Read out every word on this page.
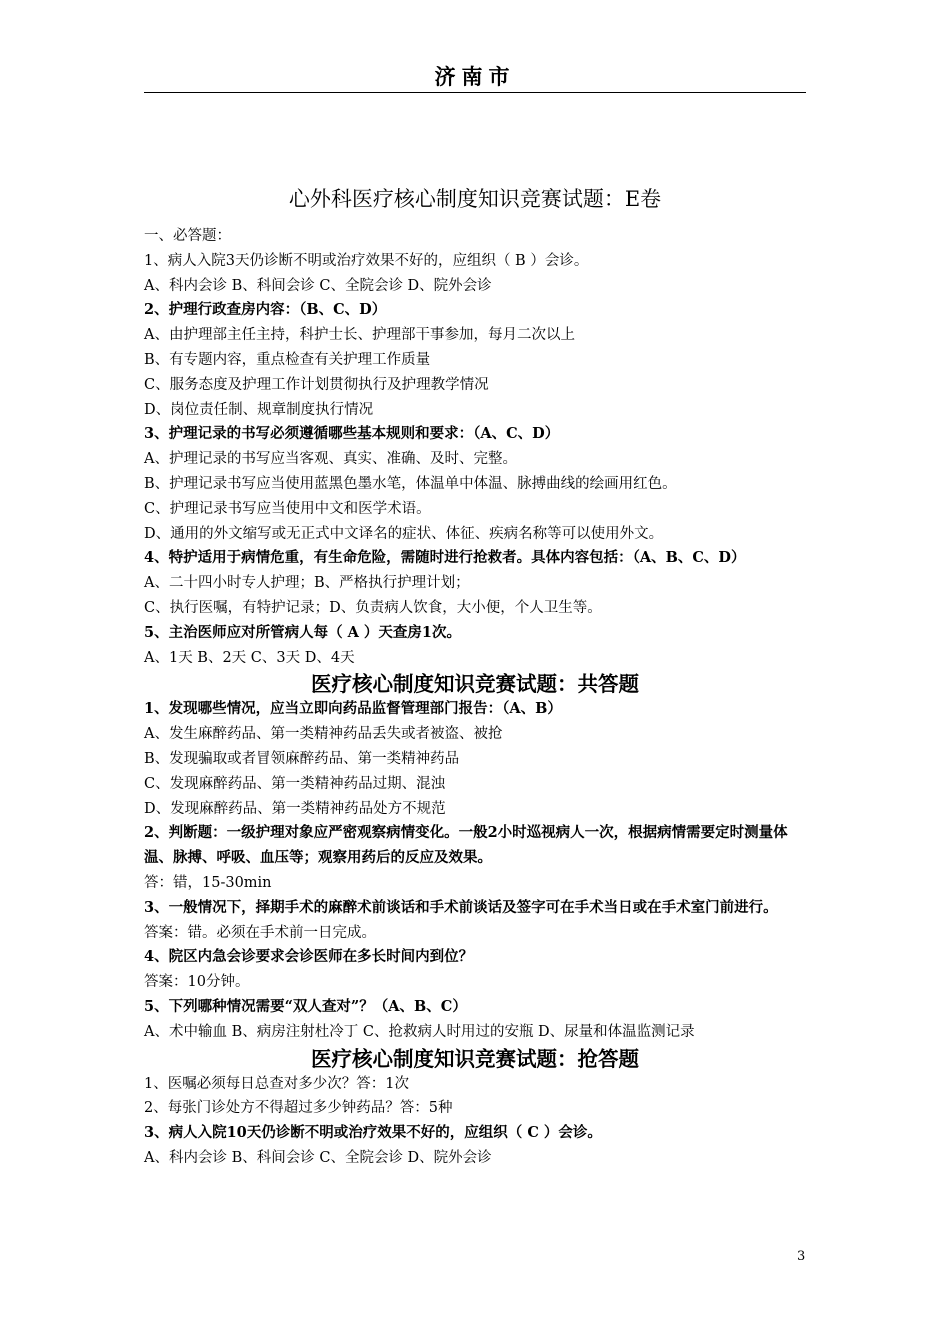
济南市
心外科医疗核心制度知识竞赛试题：E卷
一、必答题：
1、病人入院3天仍诊断不明或治疗效果不好的，应组织（ B ）会诊。
A、科内会诊 B、科间会诊 C、全院会诊 D、院外会诊
2、护理行政查房内容：（B、C、D）
A、由护理部主任主持，科护士长、护理部干事参加，每月二次以上
B、有专题内容，重点检查有关护理工作质量
C、服务态度及护理工作计划贯彻执行及护理教学情况
D、岗位责任制、规章制度执行情况
3、护理记录的书写必须遵循哪些基本规则和要求：（A、C、D）
A、护理记录的书写应当客观、真实、准确、及时、完整。
B、护理记录书写应当使用蓝黑色墨水笔，体温单中体温、脉搏曲线的绘画用红色。
C、护理记录书写应当使用中文和医学术语。
D、通用的外文缩写或无正式中文译名的症状、体征、疾病名称等可以使用外文。
4、特护适用于病情危重，有生命危险，需随时进行抢救者。具体内容包括：（A、B、C、D）
A、二十四小时专人护理；B、严格执行护理计划；
C、执行医嘱，有特护记录；D、负责病人饮食，大小便，个人卫生等。
5、主治医师应对所管病人每（ A ）天查房1次。
A、1天 B、2天 C、3天 D、4天
医疗核心制度知识竞赛试题：共答题
1、发现哪些情况，应当立即向药品监督管理部门报告：（A、B）
A、发生麻醉药品、第一类精神药品丢失或者被盗、被抢
B、发现骗取或者冒领麻醉药品、第一类精神药品
C、发现麻醉药品、第一类精神药品过期、混浊
D、发现麻醉药品、第一类精神药品处方不规范
2、判断题：一级护理对象应严密观察病情变化。一般2小时巡视病人一次，根据病情需要定时测量体温、脉搏、呼吸、血压等；观察用药后的反应及效果。
答：错，15-30min
3、一般情况下，择期手术的麻醉术前谈话和手术前谈话及签字可在手术当日或在手术室门前进行。
答案：错。必须在手术前一日完成。
4、院区内急会诊要求会诊医师在多长时间内到位？
答案：10分钟。
5、下列哪种情况需要“双人查对”？（A、B、C）
A、术中输血 B、病房注射杜冷丁 C、抢救病人时用过的安瓶 D、尿量和体温监测记录
医疗核心制度知识竞赛试题：抢答题
1、医嘱必须每日总查对多少次？答：1次
2、每张门诊处方不得超过多少钟药品？答：5种
3、病人入院10天仍诊断不明或治疗效果不好的，应组织（ C ）会诊。
A、科内会诊 B、科间会诊 C、全院会诊 D、院外会诊
3
